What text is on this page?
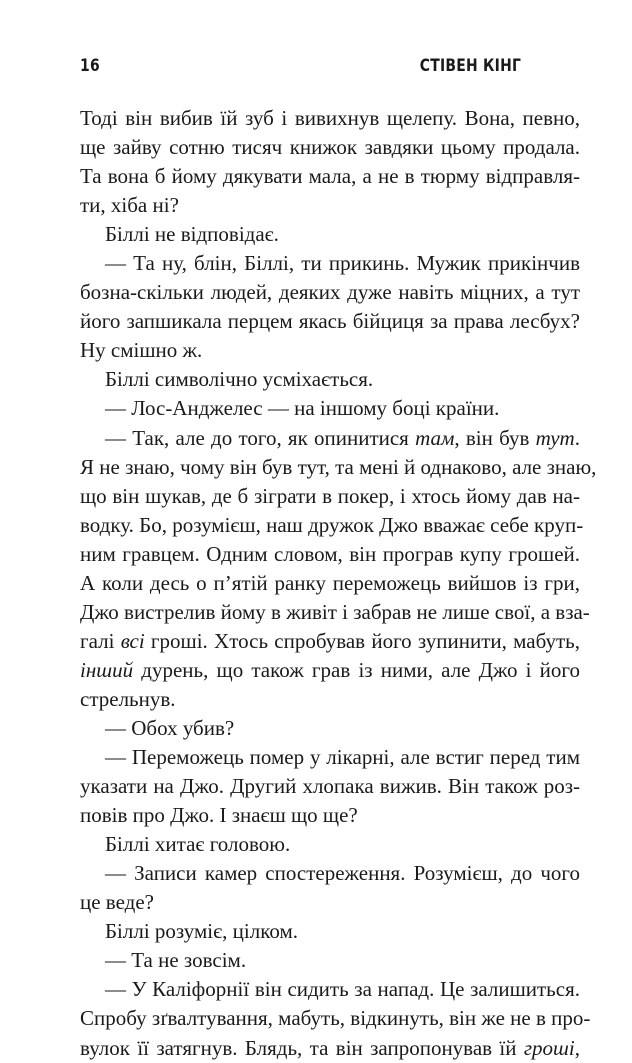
16	СТІВЕН КІНГ
Тоді він вибив їй зуб і вивихнув щелепу. Вона, певно,
ще зайву сотню тисяч книжок завдяки цьому продала.
Та вона б йому дякувати мала, а не в тюрму відправля-
ти, хіба ні?
Біллі не відповідає.
— Та ну, блін, Біллі, ти прикинь. Мужик прикінчив
бозна-скільки людей, деяких дуже навіть міцних, а тут
його запшикала перцем якась бійциця за права лесбух?
Ну смішно ж.
Біллі символічно усміхається.
— Лос-Анджелес — на іншому боці країни.
— Так, але до того, як опинитися там, він був тут.
Я не знаю, чому він був тут, та мені й однаково, але знаю,
що він шукав, де б зіграти в покер, і хтось йому дав на-
водку. Бо, розумієш, наш дружок Джо вважає себе круп-
ним гравцем. Одним словом, він програв купу грошей.
А коли десь о п’ятій ранку переможець вийшов із гри,
Джо вистрелив йому в живіт і забрав не лише свої, а взa-
галі всі гроші. Хтось спробував його зупинити, мабуть,
інший дурень, що також грав із ними, але Джо і його
стрельнув.
— Обох убив?
— Переможець помер у лікарні, але встиг перед тим
указати на Джо. Другий хлопака вижив. Він також роз-
повів про Джо. І знаєш що ще?
Біллі хитає головою.
— Записи камер спостереження. Розумієш, до чого
це веде?
Біллі розуміє, цілком.
— Та не зовсім.
— У Каліфорнії він сидить за напад. Це залишиться.
Спробу зґвалтування, мабуть, відкинуть, він же не в про-
вулок її затягнув. Блядь, та він запропонував їй гроші,
